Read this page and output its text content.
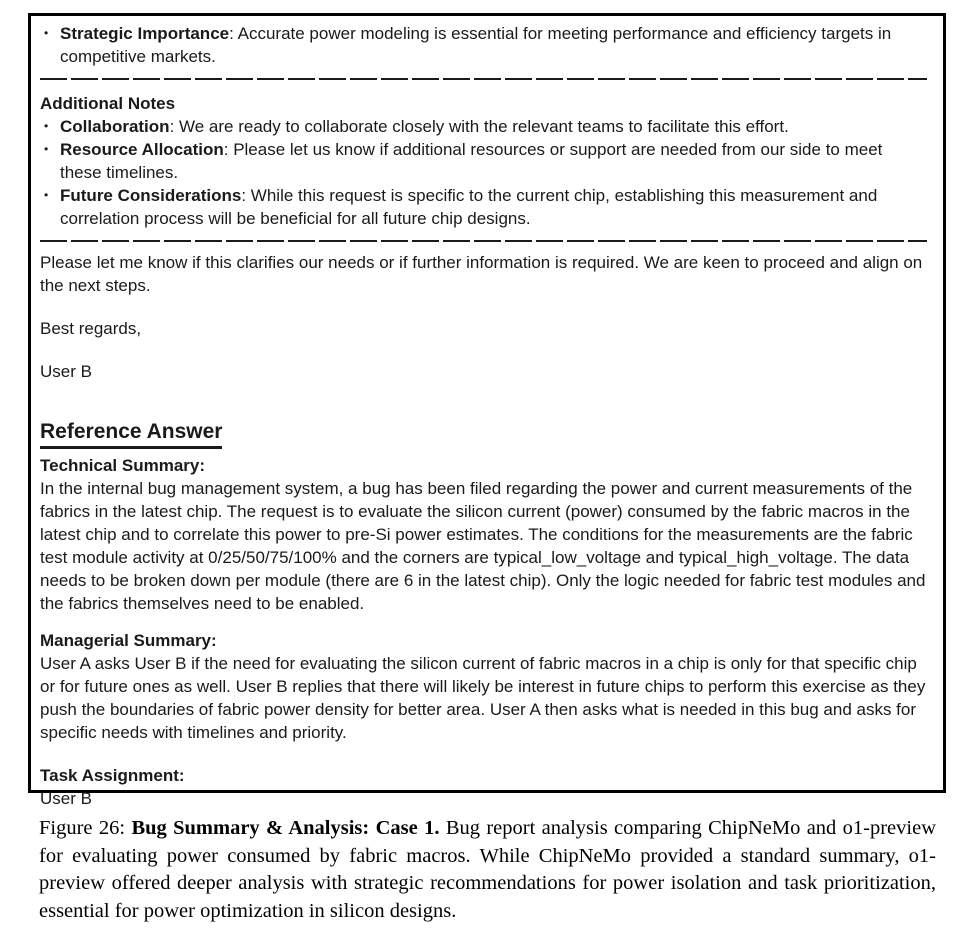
• Strategic Importance: Accurate power modeling is essential for meeting performance and efficiency targets in competitive markets.
Additional Notes
• Collaboration: We are ready to collaborate closely with the relevant teams to facilitate this effort.
• Resource Allocation: Please let us know if additional resources or support are needed from our side to meet these timelines.
• Future Considerations: While this request is specific to the current chip, establishing this measurement and correlation process will be beneficial for all future chip designs.

Please let me know if this clarifies our needs or if further information is required. We are keen to proceed and align on the next steps.

Best regards,

User B

Reference Answer
Technical Summary:

In the internal bug management system, a bug has been filed regarding the power and current measurements of the fabrics in the latest chip. The request is to evaluate the silicon current (power) consumed by the fabric macros in the latest chip and to correlate this power to pre-Si power estimates. The conditions for the measurements are the fabric test module activity at 0/25/50/75/100% and the corners are typical_low_voltage and typical_high_voltage. The data needs to be broken down per module (there are 6 in the latest chip). Only the logic needed for fabric test modules and the fabrics themselves need to be enabled.

Managerial Summary:

User A asks User B if the need for evaluating the silicon current of fabric macros in a chip is only for that specific chip or for future ones as well. User B replies that there will likely be interest in future chips to perform this exercise as they push the boundaries of fabric power density for better area. User A then asks what is needed in this bug and asks for specific needs with timelines and priority.

Task Assignment:

User B

Figure 26: Bug Summary & Analysis: Case 1. Bug report analysis comparing ChipNeMo and o1-preview for evaluating power consumed by fabric macros. While ChipNeMo provided a standard summary, o1-preview offered deeper analysis with strategic recommendations for power isolation and task prioritization, essential for power optimization in silicon designs.
